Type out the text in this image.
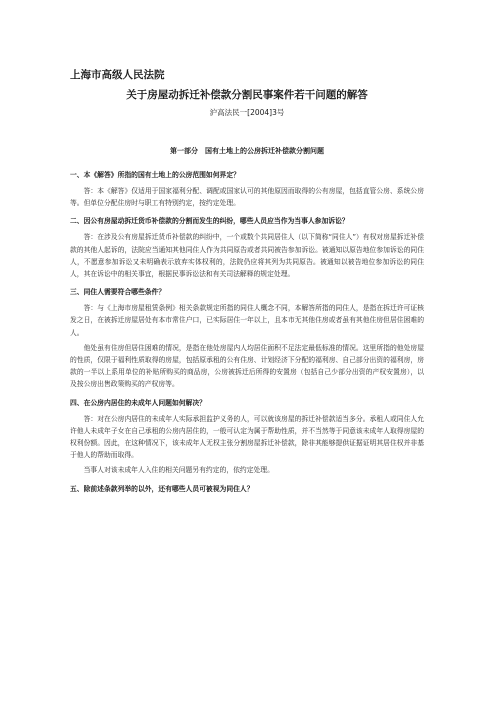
上海市高级人民法院
关于房屋动拆迁补偿款分割民事案件若干问题的解答
沪高法民一[2004]3号
第一部分　国有土地上的公房拆迁补偿款分割问题
一、本《解答》所指的国有土地上的公房范围如何界定？
答：本《解答》仅适用于国家福利分配、调配或国家认可的其他原因而取得的公有房屋，包括直管公房、系统公房等。但单位分配住房时与职工有特别约定，按约定处理。
二、因公有房屋动拆迁货币补偿款的分割而发生的纠纷，哪些人员应当作为当事人参加诉讼？
答：在涉及公有房屋拆迁货币补偿款的纠纷中，一个或数个共同居住人（以下简称“同住人”）有权对房屋拆迁补偿款的其他人起诉的，法院应当通知其他同住人作为共同原告或者共同被告参加诉讼。被通知以原告地位参加诉讼的同住人，不愿意参加诉讼又未明确表示放弃实体权利的，法院仍应将其列为共同原告。被通知以被告地位参加诉讼的同住人，其在诉讼中的相关事宜，根据民事诉讼法和有关司法解释的规定处理。
三、同住人需要符合哪些条件？
答：与《上海市房屋租赁条例》相关条款规定所指的同住人概念不同，本解答所指的同住人，是指在拆迁许可证核发之日，在被拆迁房屋居处有本市常住户口，已实际居住一年以上，且本市无其他住房或者虽有其他住房但居住困难的人。
他处虽有住房但居住困难的情况，是指在他处房屋内人均居住面积不足法定最低标准的情况。这里所指的他处房屋的性质，仅限于福利性质取得的房屋，包括原承租的公有住房、计划经济下分配的福利房、自己部分出资的福利房，房款的一半以上系用单位的补贴所购买的商品房，公房被拆迁后所得的安置房（包括自己少部分出资的产权安置房），以及按公房出售政策购买的产权房等。
四、在公房内居住的未成年人问题如何解决？
答：对在公房内居住的未成年人实际承担监护义务的人，可以就该房屋的拆迁补偿款适当多分。承租人或同住人允许他人未成年子女在自己承租的公房内居住的，一般可认定为属于帮助性质，并不当然等于同意该未成年人取得房屋的权利份额。因此，在这种情况下，该未成年人无权主张分割房屋拆迁补偿款，除非其能够提供证据证明其居住权并非基于他人的帮助而取得。
当事人对该未成年人入住的相关问题另有约定的，依约定处理。
五、除前述条款列举的以外，还有哪些人员可被视为同住人？
